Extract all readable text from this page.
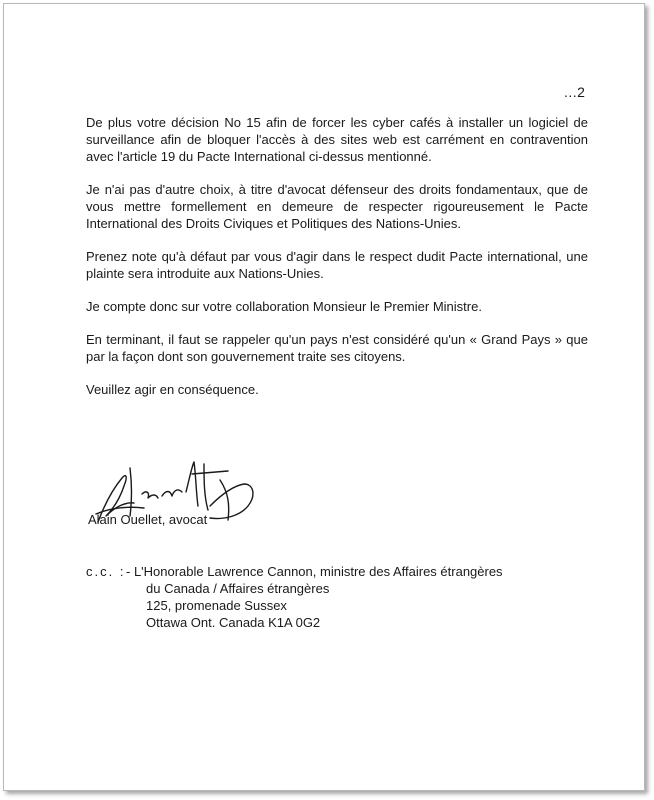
...2

De plus votre décision No 15 afin de forcer les cyber cafés à installer un logiciel de surveillance afin de bloquer l'accès à des sites web est carrément en contravention avec l'article 19 du Pacte International ci-dessus mentionné.

Je n'ai pas d'autre choix, à titre d'avocat défenseur des droits fondamentaux, que de vous mettre formellement en demeure de respecter rigoureusement le Pacte International des Droits Civiques et Politiques des Nations-Unies.

Prenez note qu'à défaut par vous d'agir dans le respect dudit Pacte international, une plainte sera introduite aux Nations-Unies.

Je compte donc sur votre collaboration Monsieur le Premier Ministre.

En terminant, il faut se rappeler qu'un pays n'est considéré qu'un « Grand Pays » que par la façon dont son gouvernement traite ses citoyens.

Veuillez agir en conséquence.

Alain Ouellet, avocat
c.c. : - L'Honorable Lawrence Cannon, ministre des Affaires étrangères
du Canada / Affaires étrangères
125, promenade Sussex
Ottawa Ont. Canada K1A 0G2
